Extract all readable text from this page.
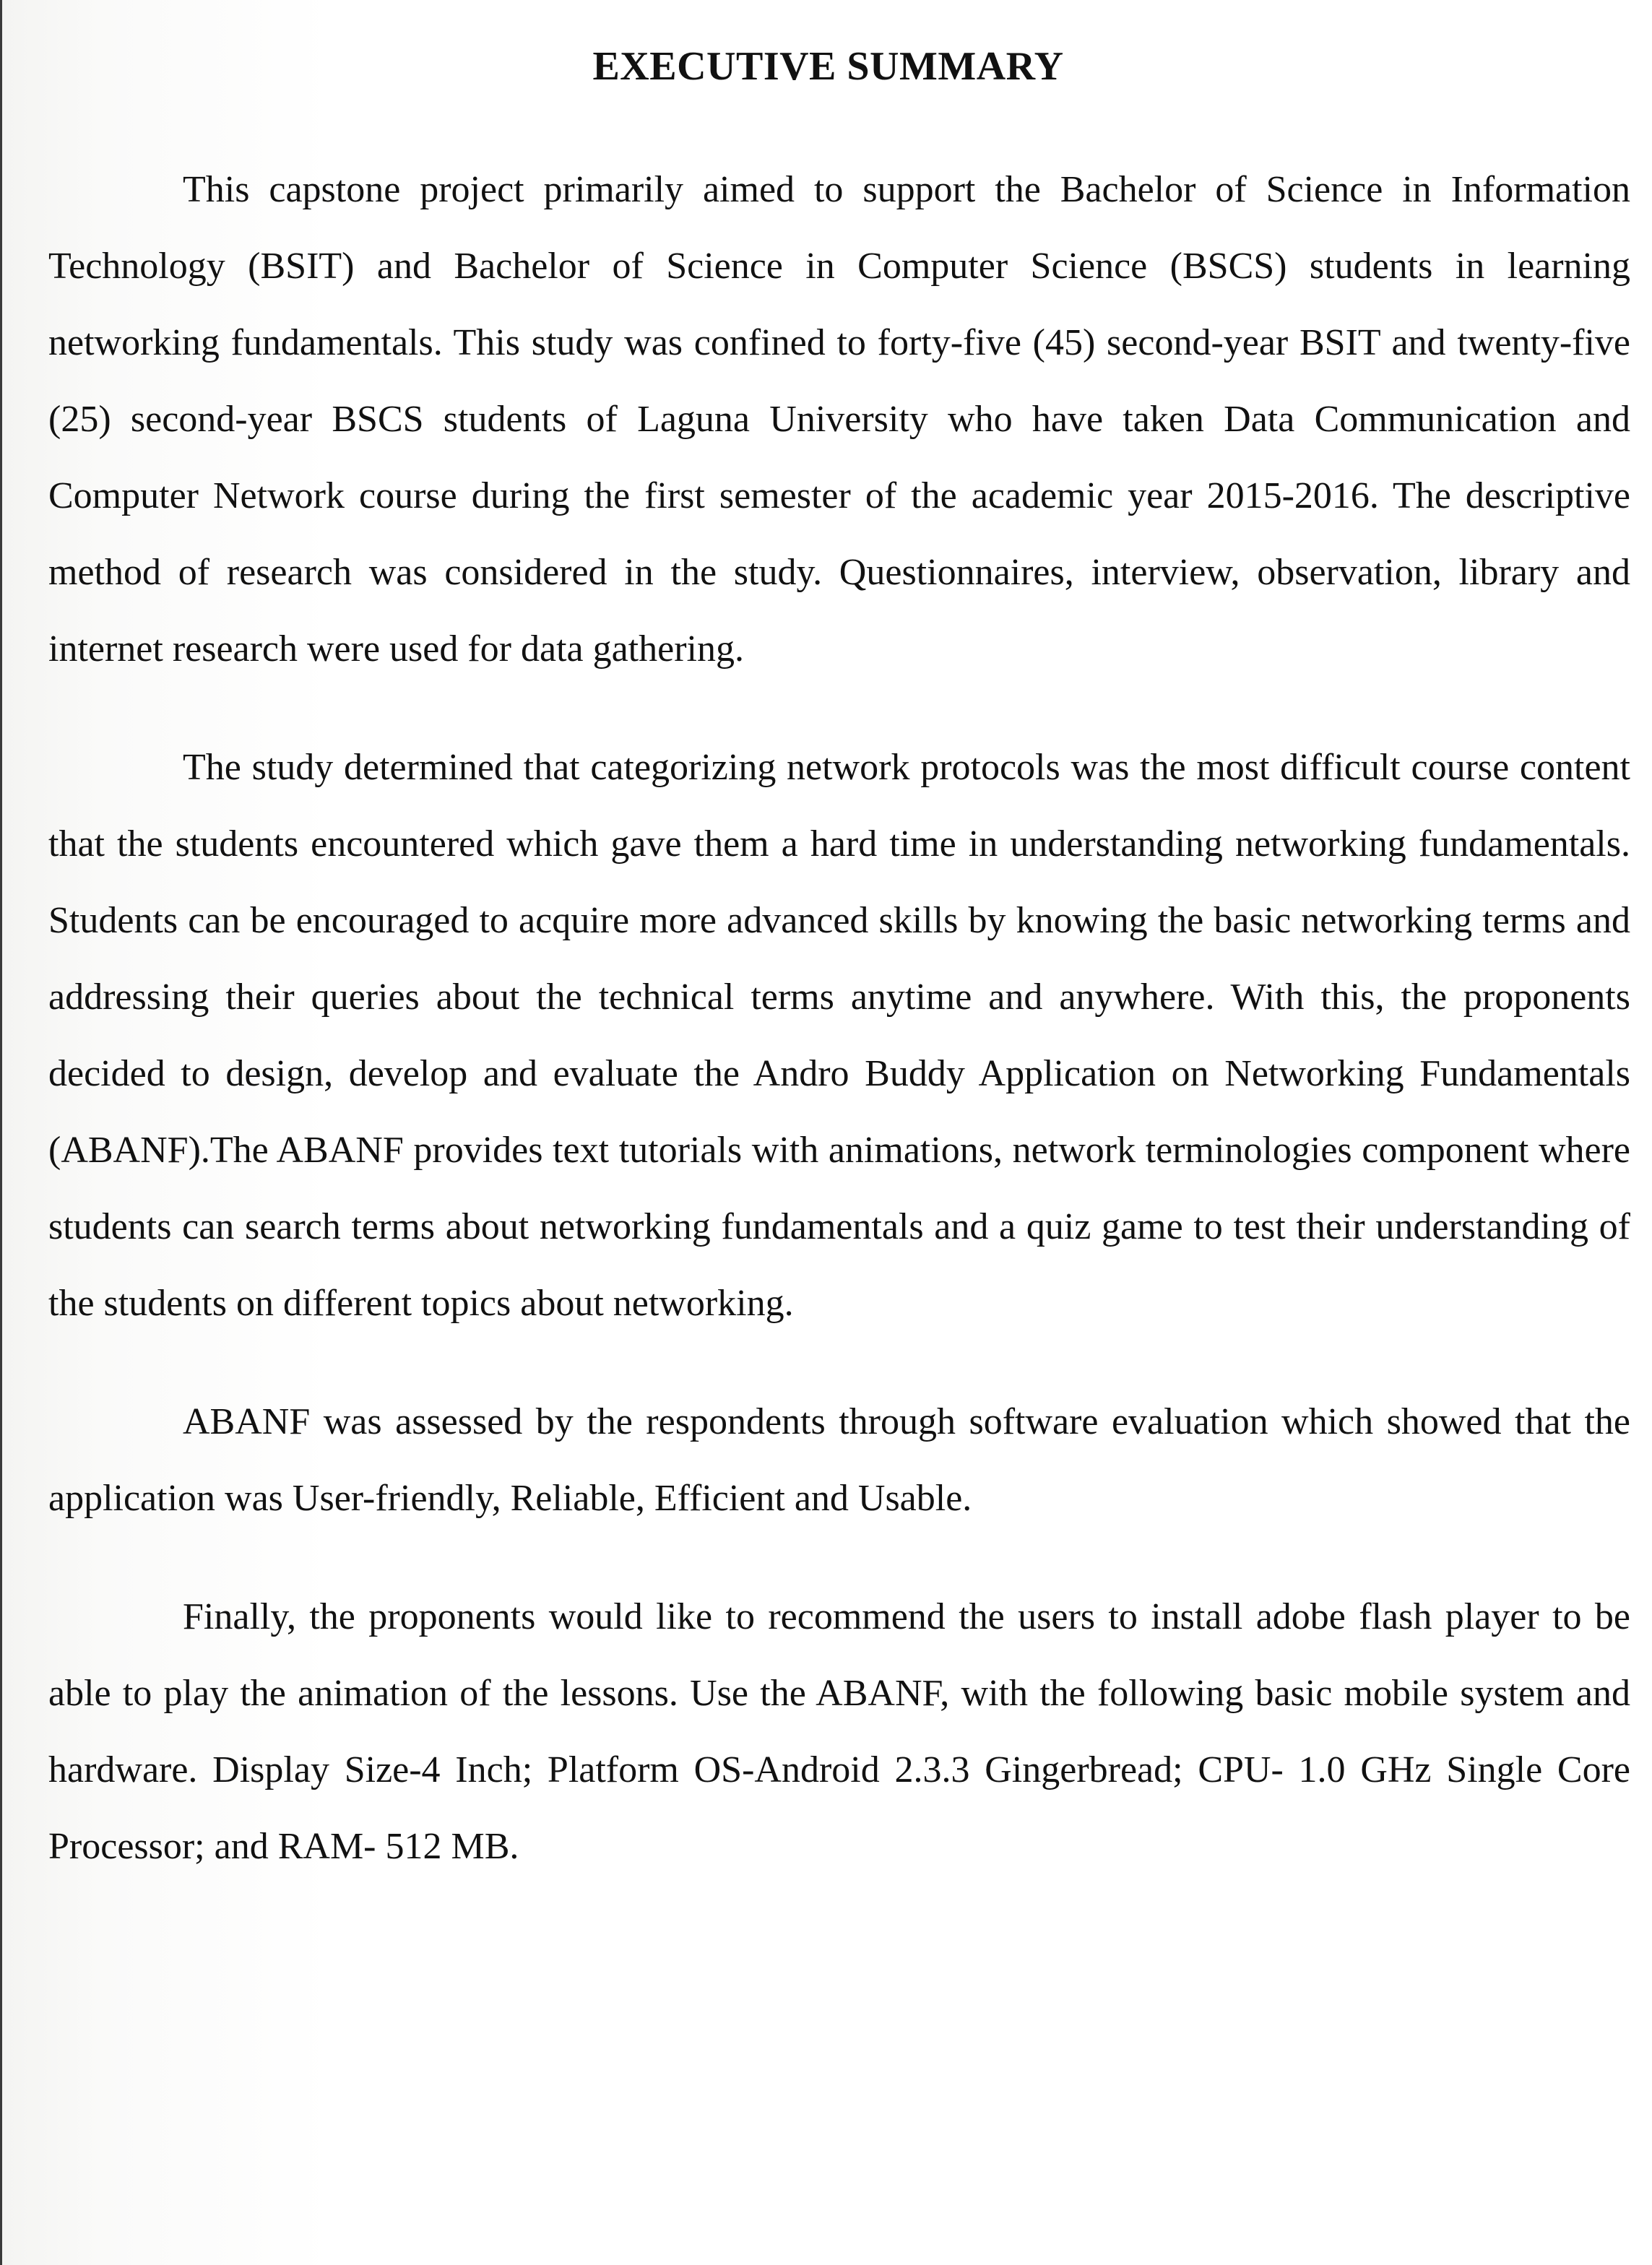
EXECUTIVE SUMMARY

This capstone project primarily aimed to support the Bachelor of Science in Information Technology (BSIT) and Bachelor of Science in Computer Science (BSCS) students in learning networking fundamentals. This study was confined to forty-five (45) second-year BSIT and twenty-five (25) second-year BSCS students of Laguna University who have taken Data Communication and Computer Network course during the first semester of the academic year 2015-2016. The descriptive method of research was considered in the study. Questionnaires, interview, observation, library and internet research were used for data gathering.

The study determined that categorizing network protocols was the most difficult course content that the students encountered which gave them a hard time in understanding networking fundamentals. Students can be encouraged to acquire more advanced skills by knowing the basic networking terms and addressing their queries about the technical terms anytime and anywhere. With this, the proponents decided to design, develop and evaluate the Andro Buddy Application on Networking Fundamentals (ABANF).The ABANF provides text tutorials with animations, network terminologies component where students can search terms about networking fundamentals and a quiz game to test their understanding of the students on different topics about networking.

ABANF was assessed by the respondents through software evaluation which showed that the application was User-friendly, Reliable, Efficient and Usable.

Finally, the proponents would like to recommend the users to install adobe flash player to be able to play the animation of the lessons. Use the ABANF, with the following basic mobile system and hardware. Display Size-4 Inch; Platform OS-Android 2.3.3 Gingerbread; CPU- 1.0 GHz Single Core Processor; and RAM- 512 MB.
